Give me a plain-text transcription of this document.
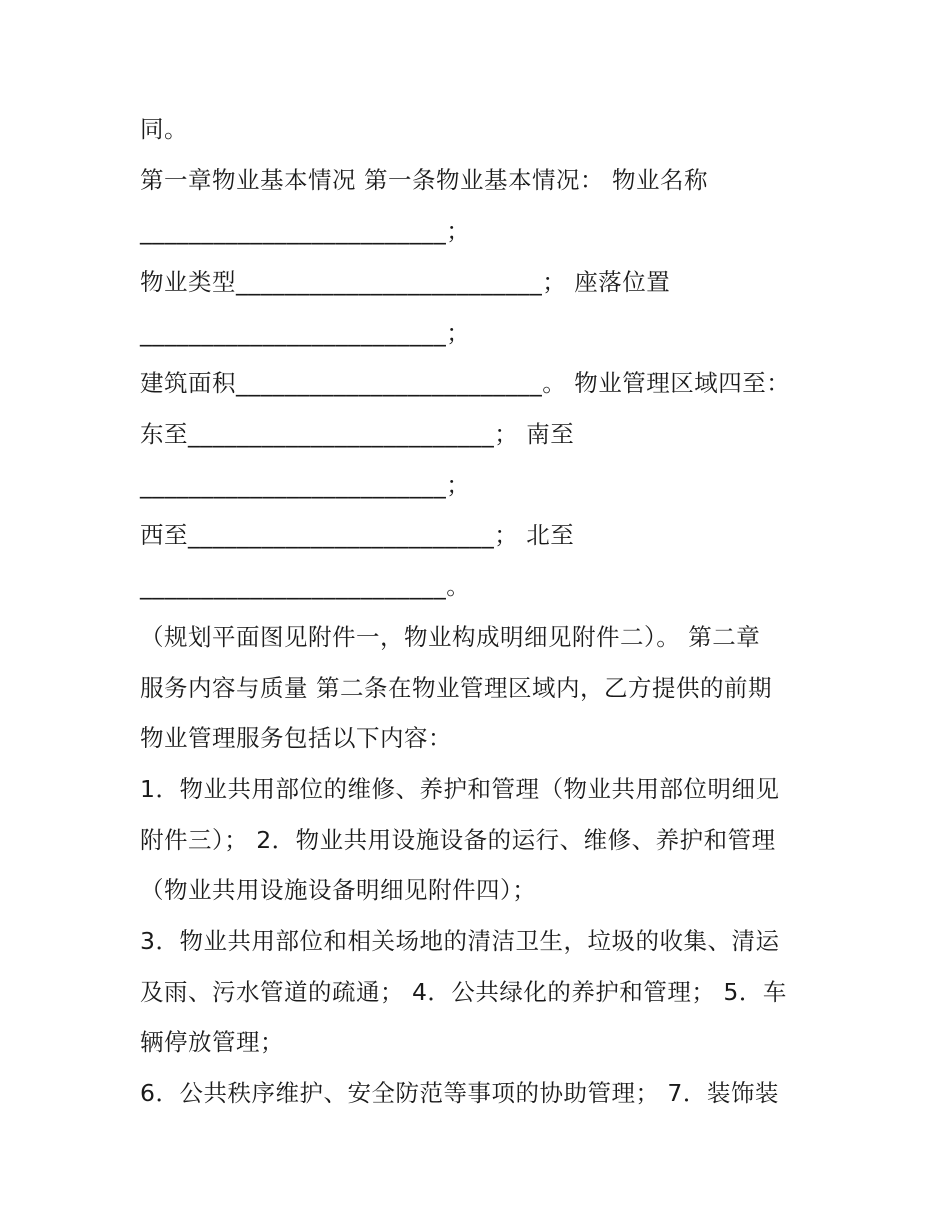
同。
第一章物业基本情况 第一条物业基本情况： 物业名称
_________________________；
物业类型_________________________； 座落位置
_________________________；
建筑面积_________________________。 物业管理区域四至：
东至_________________________； 南至
_________________________；
西至_________________________； 北至
_________________________。
（规划平面图见附件一，物业构成明细见附件二）。 第二章
服务内容与质量 第二条在物业管理区域内，乙方提供的前期
物业管理服务包括以下内容：
1．物业共用部位的维修、养护和管理（物业共用部位明细见
附件三）； 2．物业共用设施设备的运行、维修、养护和管理
（物业共用设施设备明细见附件四）；
3．物业共用部位和相关场地的清洁卫生，垃圾的收集、清运
及雨、污水管道的疏通； 4．公共绿化的养护和管理； 5．车
辆停放管理；
6．公共秩序维护、安全防范等事项的协助管理； 7．装饰装
